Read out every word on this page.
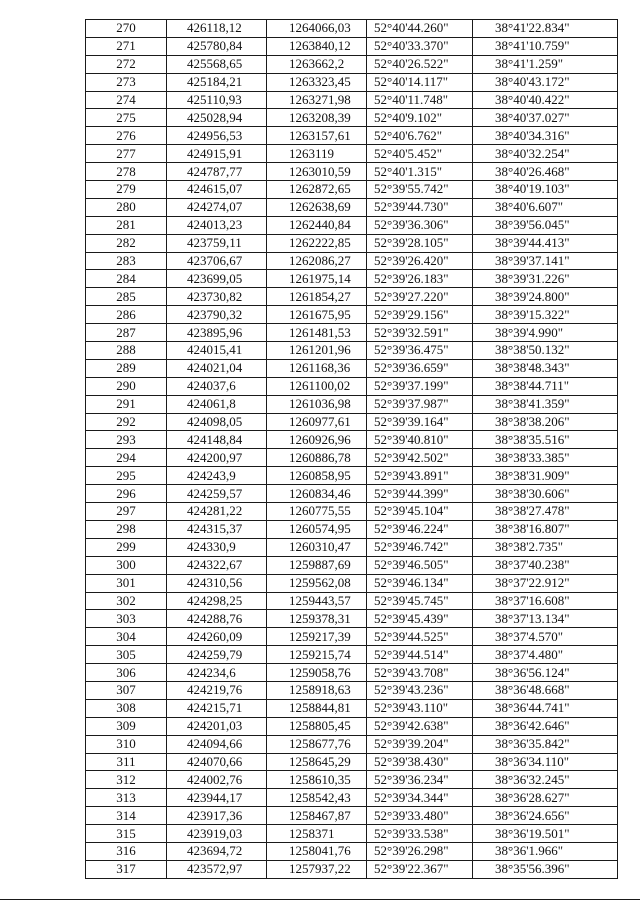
270	426118,12	1264066,03	52°40'44.260"	38°41'22.834"
271	425780,84	1263840,12	52°40'33.370"	38°41'10.759"
272	425568,65	1263662,2	52°40'26.522"	38°41'1.259"
273	425184,21	1263323,45	52°40'14.117"	38°40'43.172"
274	425110,93	1263271,98	52°40'11.748"	38°40'40.422"
275	425028,94	1263208,39	52°40'9.102"	38°40'37.027"
276	424956,53	1263157,61	52°40'6.762"	38°40'34.316"
277	424915,91	1263119	52°40'5.452"	38°40'32.254"
278	424787,77	1263010,59	52°40'1.315"	38°40'26.468"
279	424615,07	1262872,65	52°39'55.742"	38°40'19.103"
280	424274,07	1262638,69	52°39'44.730"	38°40'6.607"
281	424013,23	1262440,84	52°39'36.306"	38°39'56.045"
282	423759,11	1262222,85	52°39'28.105"	38°39'44.413"
283	423706,67	1262086,27	52°39'26.420"	38°39'37.141"
284	423699,05	1261975,14	52°39'26.183"	38°39'31.226"
285	423730,82	1261854,27	52°39'27.220"	38°39'24.800"
286	423790,32	1261675,95	52°39'29.156"	38°39'15.322"
287	423895,96	1261481,53	52°39'32.591"	38°39'4.990"
288	424015,41	1261201,96	52°39'36.475"	38°38'50.132"
289	424021,04	1261168,36	52°39'36.659"	38°38'48.343"
290	424037,6	1261100,02	52°39'37.199"	38°38'44.711"
291	424061,8	1261036,98	52°39'37.987"	38°38'41.359"
292	424098,05	1260977,61	52°39'39.164"	38°38'38.206"
293	424148,84	1260926,96	52°39'40.810"	38°38'35.516"
294	424200,97	1260886,78	52°39'42.502"	38°38'33.385"
295	424243,9	1260858,95	52°39'43.891"	38°38'31.909"
296	424259,57	1260834,46	52°39'44.399"	38°38'30.606"
297	424281,22	1260775,55	52°39'45.104"	38°38'27.478"
298	424315,37	1260574,95	52°39'46.224"	38°38'16.807"
299	424330,9	1260310,47	52°39'46.742"	38°38'2.735"
300	424322,67	1259887,69	52°39'46.505"	38°37'40.238"
301	424310,56	1259562,08	52°39'46.134"	38°37'22.912"
302	424298,25	1259443,57	52°39'45.745"	38°37'16.608"
303	424288,76	1259378,31	52°39'45.439"	38°37'13.134"
304	424260,09	1259217,39	52°39'44.525"	38°37'4.570"
305	424259,79	1259215,74	52°39'44.514"	38°37'4.480"
306	424234,6	1259058,76	52°39'43.708"	38°36'56.124"
307	424219,76	1258918,63	52°39'43.236"	38°36'48.668"
308	424215,71	1258844,81	52°39'43.110"	38°36'44.741"
309	424201,03	1258805,45	52°39'42.638"	38°36'42.646"
310	424094,66	1258677,76	52°39'39.204"	38°36'35.842"
311	424070,66	1258645,29	52°39'38.430"	38°36'34.110"
312	424002,76	1258610,35	52°39'36.234"	38°36'32.245"
313	423944,17	1258542,43	52°39'34.344"	38°36'28.627"
314	423917,36	1258467,87	52°39'33.480"	38°36'24.656"
315	423919,03	1258371	52°39'33.538"	38°36'19.501"
316	423694,72	1258041,76	52°39'26.298"	38°36'1.966"
317	423572,97	1257937,22	52°39'22.367"	38°35'56.396"
